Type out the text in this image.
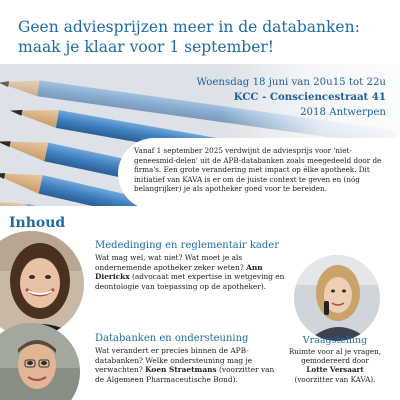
Geen adviesprijzen meer in de databanken:
maak je klaar voor 1 september!
Woensdag 18 juni van 20u15 tot 22u
KCC - Consciencestraat 41
2018 Antwerpen

Vanaf 1 september 2025 verdwijnt de adviesprijs voor 'niet-geneesmid-delen' uit de APB-databanken zoals meegedeeld door de firma's. Een grote verandering met impact op élke apotheek. Dit initiatief van KAVA is er om de juiste context te geven en (nóg belangrijker) je als apotheker goed voor te bereiden.

Inhoud
Mededinging en reglementair kader

Wat mag wel, wat niet? Wat moet je als ondernemende apotheker zeker weten? Ann Dierickx (advocaat met expertise in wetgeving en deontologie van toepassing op de apotheker).

Databanken en ondersteuning

Wat verandert er precies binnen de APB-databanken? Welke ondersteuning mag je verwachten? Koen Straetmans (voorzitter van de Algemeen Pharmaceutische Bond).

Vraagstelling

Ruimte voor al je vragen,

gemodereerd door

Lotte Versaart

(voorzitter van KAVA).
